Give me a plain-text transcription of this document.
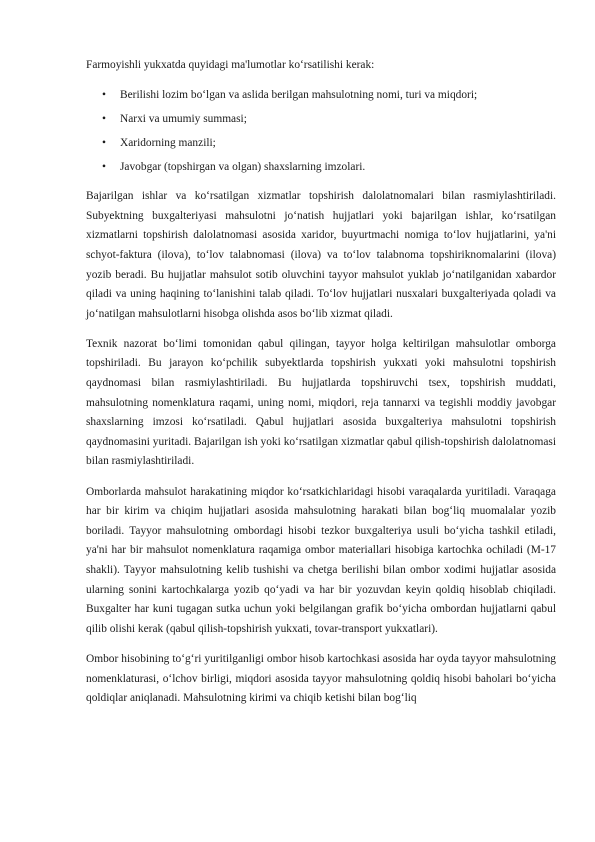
Farmoyishli yukxatda quyidagi ma'lumotlar ko‘rsatilishi kerak:

• Berilishi lozim bo‘lgan va aslida berilgan mahsulotning nomi, turi va miqdori;
• Narxi va umumiy summasi;
• Xaridorning manzili;
• Javobgar (topshirgan va olgan) shaxslarning imzolari.

Bajarilgan ishlar va ko‘rsatilgan xizmatlar topshirish dalolatnomalari bilan rasmiylashtiriladi. Subyektning buxgalteriyasi mahsulotni jo‘natish hujjatlari yoki bajarilgan ishlar, ko‘rsatilgan xizmatlarni topshirish dalolatnomasi asosida xaridor, buyurtmachi nomiga to‘lov hujjatlarini, ya'ni schyot-faktura (ilova), to‘lov talabnomasi (ilova) va to‘lov talabnoma topshiriknomalarini (ilova) yozib beradi. Bu hujjatlar mahsulot sotib oluvchini tayyor mahsulot yuklab jo‘natilganidan xabardor qiladi va uning haqining to‘lanishini talab qiladi. To‘lov hujjatlari nusxalari buxgalteriyada qoladi va jo‘natilgan mahsulotlarni hisobga olishda asos bo‘lib xizmat qiladi.

Texnik nazorat bo‘limi tomonidan qabul qilingan, tayyor holga keltirilgan mahsulotlar omborga topshiriladi. Bu jarayon ko‘pchilik subyektlarda topshirish yukxati yoki mahsulotni topshirish qaydnomasi bilan rasmiylashtiriladi. Bu hujjatlarda topshiruvchi tsex, topshirish muddati, mahsulotning nomenklatura raqami, uning nomi, miqdori, reja tannarxi va tegishli moddiy javobgar shaxslarning imzosi ko‘rsatiladi. Qabul hujjatlari asosida buxgalteriya mahsulotni topshirish qaydnomasini yuritadi. Bajarilgan ish yoki ko‘rsatilgan xizmatlar qabul qilish-topshirish dalolatnomasi bilan rasmiylashtiriladi.

Omborlarda mahsulot harakatining miqdor ko‘rsatkichlaridagi hisobi varaqalarda yuritiladi. Varaqaga har bir kirim va chiqim hujjatlari asosida mahsulotning harakati bilan bog‘liq muomalalar yozib boriladi. Tayyor mahsulotning ombordagi hisobi tezkor buxgalteriya usuli bo‘yicha tashkil etiladi, ya'ni har bir mahsulot nomenklatura raqamiga ombor materiallari hisobiga kartochka ochiladi (M-17 shakli). Tayyor mahsulotning kelib tushishi va chetga berilishi bilan ombor xodimi hujjatlar asosida ularning sonini kartochkalarga yozib qo‘yadi va har bir yozuvdan keyin qoldiq hisoblab chiqiladi. Buxgalter har kuni tugagan sutka uchun yoki belgilangan grafik bo‘yicha ombordan hujjatlarni qabul qilib olishi kerak (qabul qilish-topshirish yukxati, tovar-transport yukxatlari).

Ombor hisobining to‘g‘ri yuritilganligi ombor hisob kartochkasi asosida har oyda tayyor mahsulotning nomenklaturasi, o‘lchov birligi, miqdori asosida tayyor mahsulotning qoldiq hisobi baholari bo‘yicha qoldiqlar aniqlanadi. Mahsulotning kirimi va chiqib ketishi bilan bog‘liq
